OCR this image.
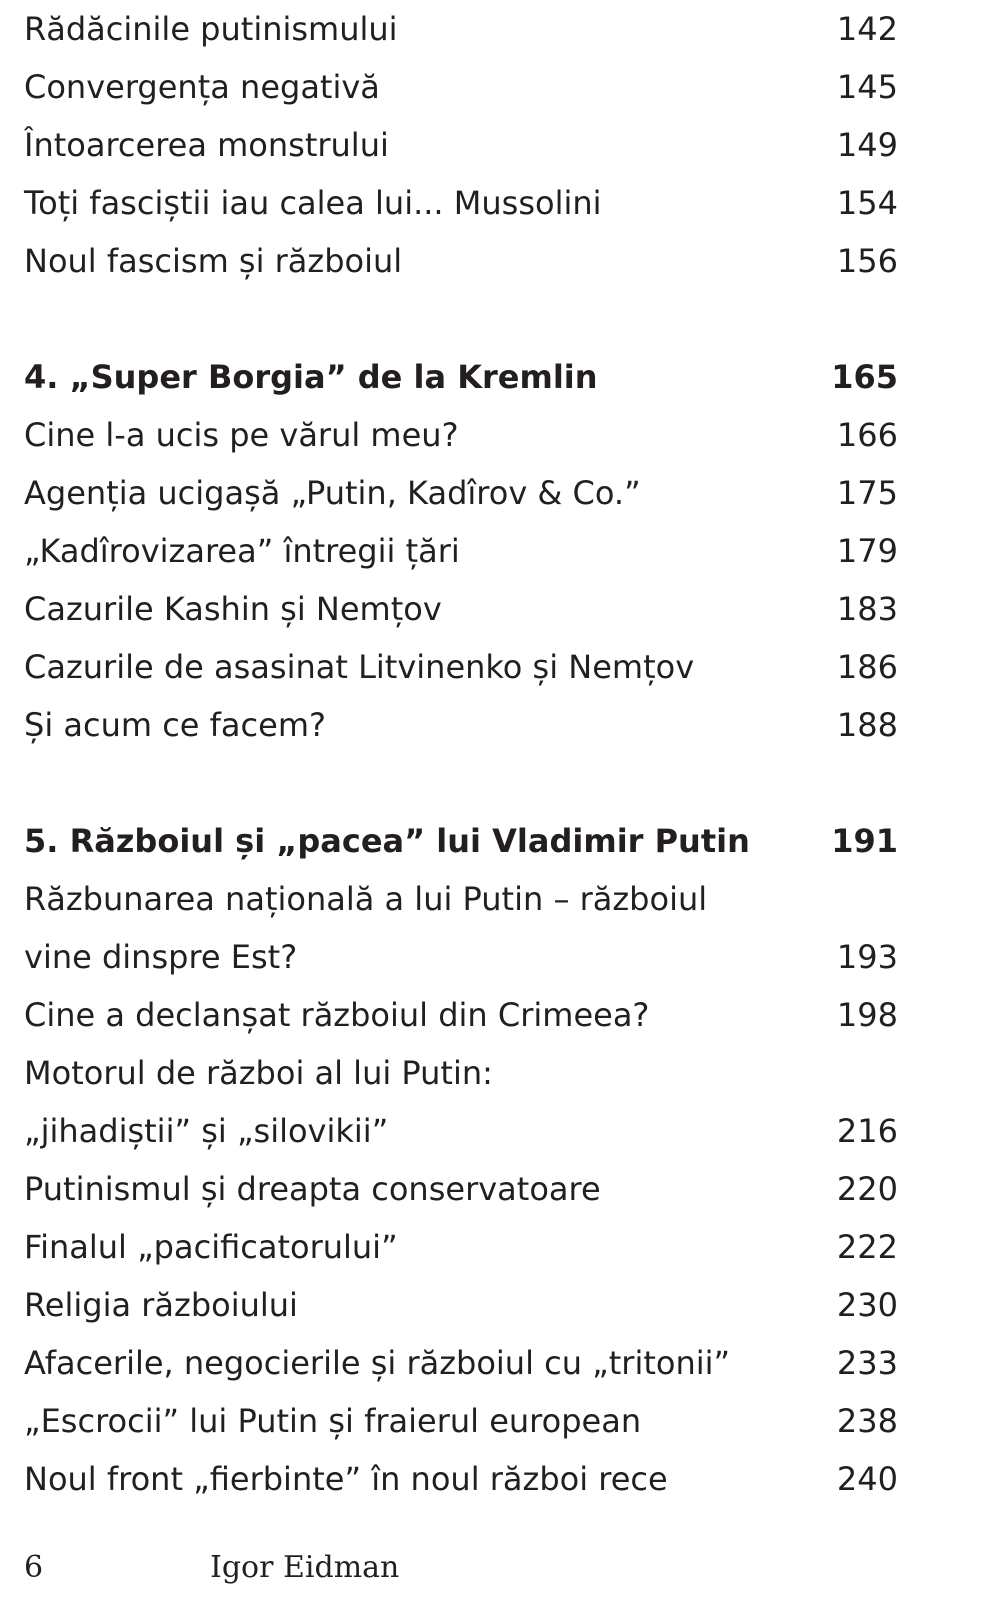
Rădăcinile putinismului	142
Convergența negativă	145
Întoarcerea monstrului	149
Toți fasciștii iau calea lui... Mussolini	154
Noul fascism și războiul	156
4. „Super Borgia” de la Kremlin	165
Cine l-a ucis pe vărul meu?	166
Agenția ucigașă „Putin, Kadîrov & Co.”	175
„Kadîrovizarea” întregii țări	179
Cazurile Kashin și Nemțov	183
Cazurile de asasinat Litvinenko și Nemțov	186
Și acum ce facem?	188
5. Războiul și „pacea” lui Vladimir Putin	191
Răzbunarea națională a lui Putin – războiul
vine dinspre Est?	193
Cine a declanșat războiul din Crimeea?	198
Motorul de război al lui Putin:
„jihadiștii” și „silovikii”	216
Putinismul și dreapta conservatoare	220
Finalul „pacificatorului”	222
Religia războiului	230
Afacerile, negocierile și războiul cu „tritonii”	233
„Escrocii” lui Putin și fraierul european	238
Noul front „fierbinte” în noul război rece	240
6	Igor Eidman
